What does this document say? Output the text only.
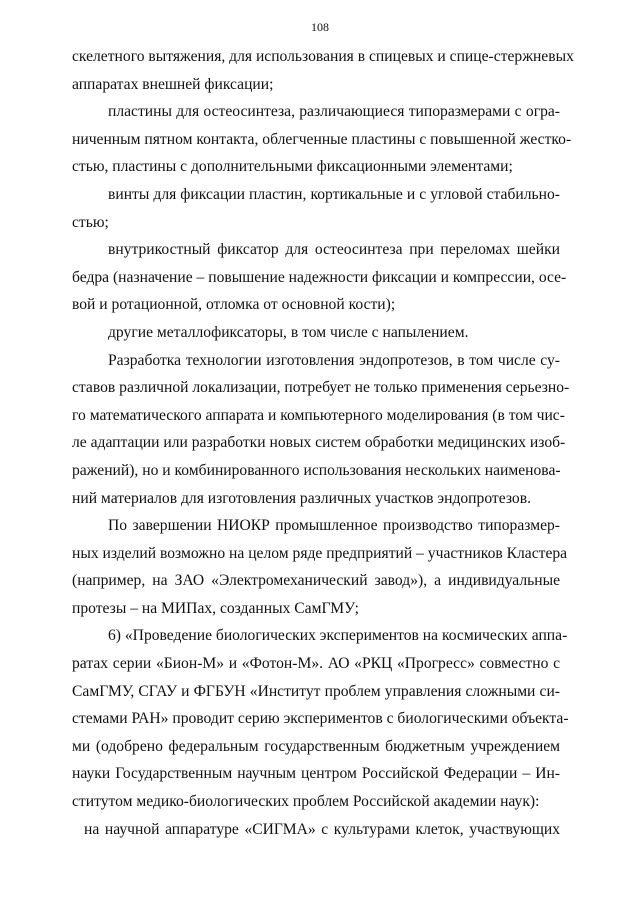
108
скелетного вытяжения, для использования в спицевых и спице-стержневых
аппаратах внешней фиксации;
пластины для остеосинтеза, различающиеся типоразмерами с огра-
ниченным пятном контакта, облегченные пластины с повышенной жестко-
стью, пластины с дополнительными фиксационными элементами;
винты для фиксации пластин, кортикальные и с угловой стабильно-
стью;
внутрикостный фиксатор для остеосинтеза при переломах шейки
бедра (назначение – повышение надежности фиксации и компрессии, осе-
вой и ротационной, отломка от основной кости);
другие металлофиксаторы, в том числе с напылением.
Разработка технологии изготовления эндопротезов, в том числе су-
ставов различной локализации, потребует не только применения серьезно-
го математического аппарата и компьютерного моделирования (в том чис-
ле адаптации или разработки новых систем обработки медицинских изоб-
ражений), но и комбинированного использования нескольких наименова-
ний материалов для изготовления различных участков эндопротезов.
По завершении НИОКР промышленное производство типоразмер-
ных изделий возможно на целом ряде предприятий – участников Кластера
(например, на ЗАО «Электромеханический завод»), а индивидуальные
протезы – на МИПах, созданных СамГМУ;
6) «Проведение биологических экспериментов на космических аппа-
ратах серии «Бион-М» и «Фотон-М». АО «РКЦ «Прогресс» совместно с
СамГМУ, СГАУ и ФГБУН «Институт проблем управления сложными си-
стемами РАН» проводит серию экспериментов с биологическими объекта-
ми (одобрено федеральным государственным бюджетным учреждением
науки Государственным научным центром Российской Федерации – Ин-
ститутом медико-биологических проблем Российской академии наук):
на научной аппаратуре «СИГМА» с культурами клеток, участвующих
